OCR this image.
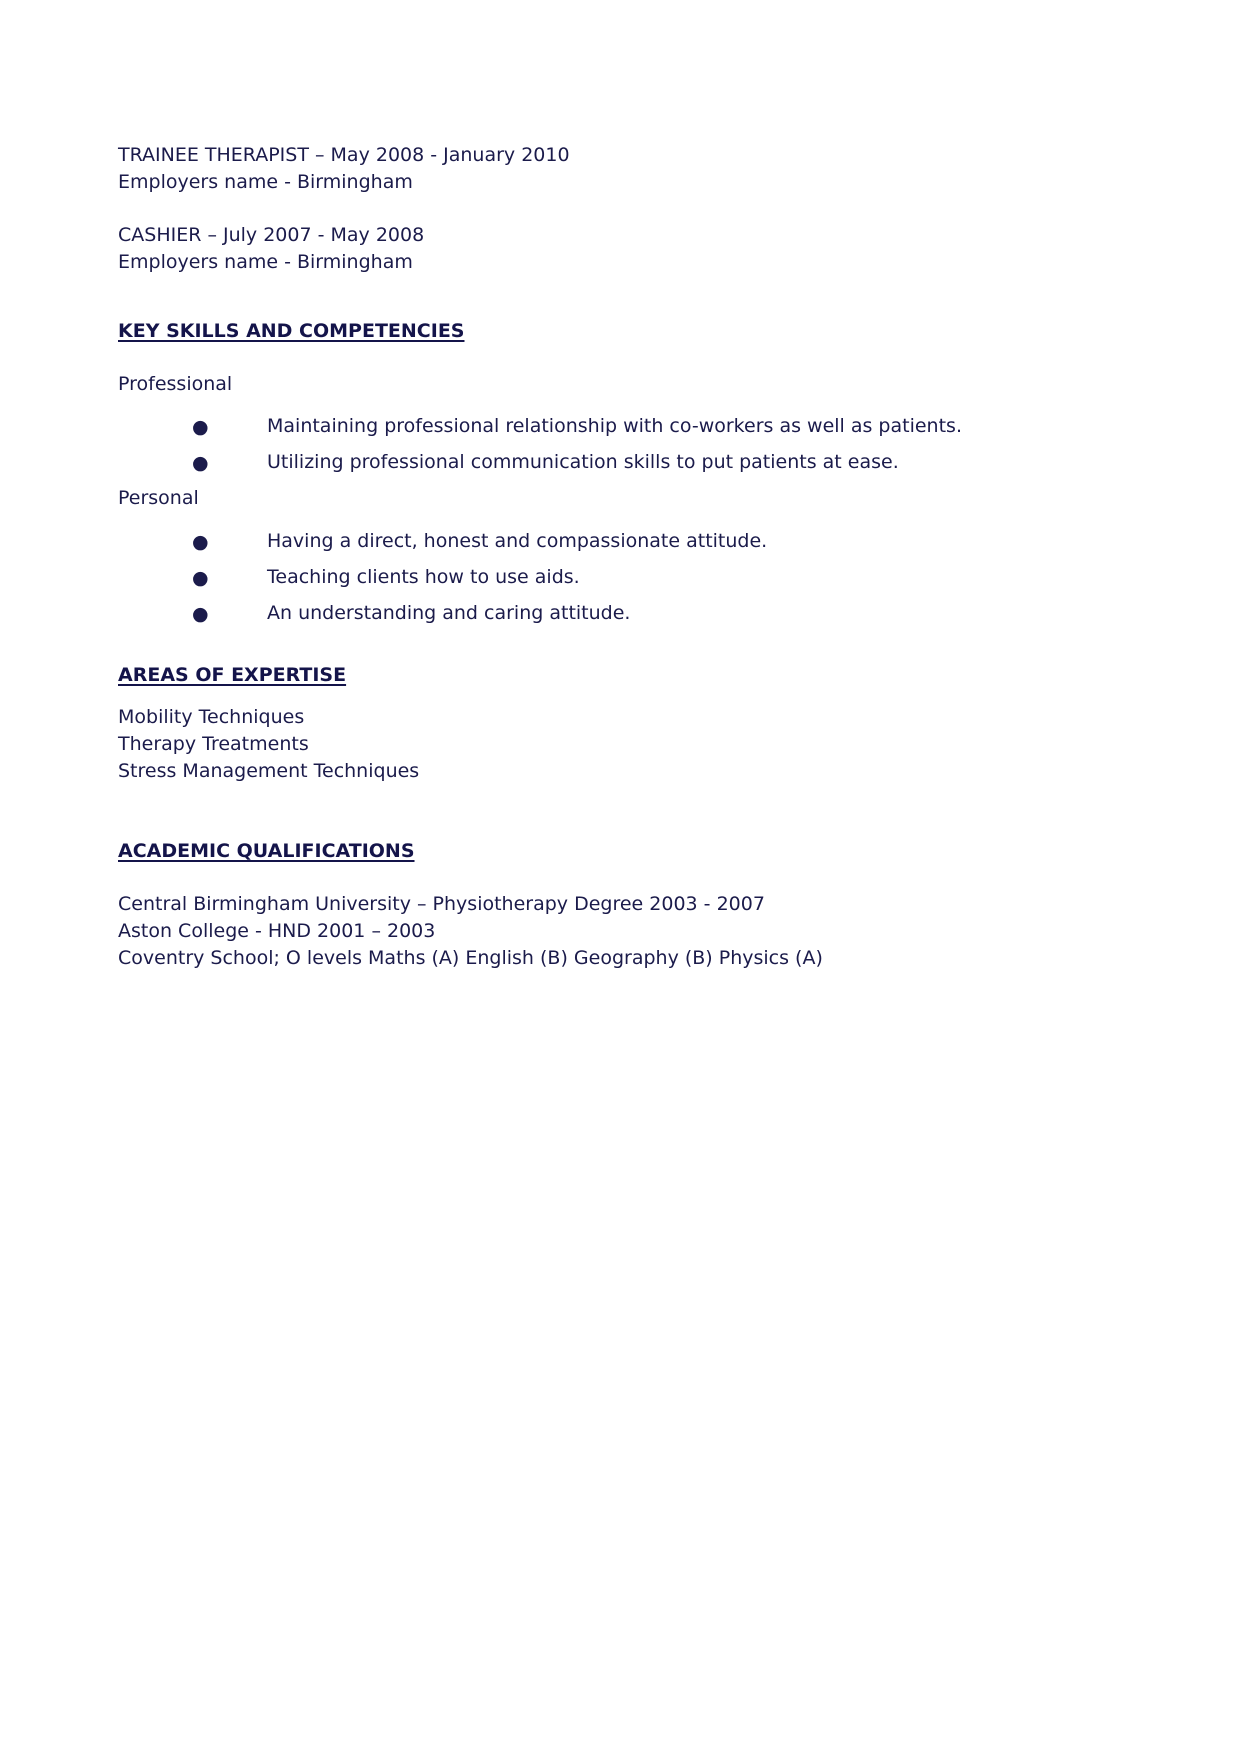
TRAINEE THERAPIST – May 2008 - January 2010
Employers name - Birmingham
CASHIER – July 2007 - May 2008
Employers name - Birmingham
KEY SKILLS AND COMPETENCIES
Professional
●	Maintaining professional relationship with co-workers as well as patients.
●	Utilizing professional communication skills to put patients at ease.
Personal
●	Having a direct, honest and compassionate attitude.
●	Teaching clients how to use aids.
●	An understanding and caring attitude.
AREAS OF EXPERTISE
Mobility Techniques
Therapy Treatments
Stress Management Techniques
ACADEMIC QUALIFICATIONS
Central Birmingham University – Physiotherapy Degree 2003 - 2007
Aston College - HND 2001 – 2003
Coventry School; O levels Maths (A) English (B) Geography (B) Physics (A)
